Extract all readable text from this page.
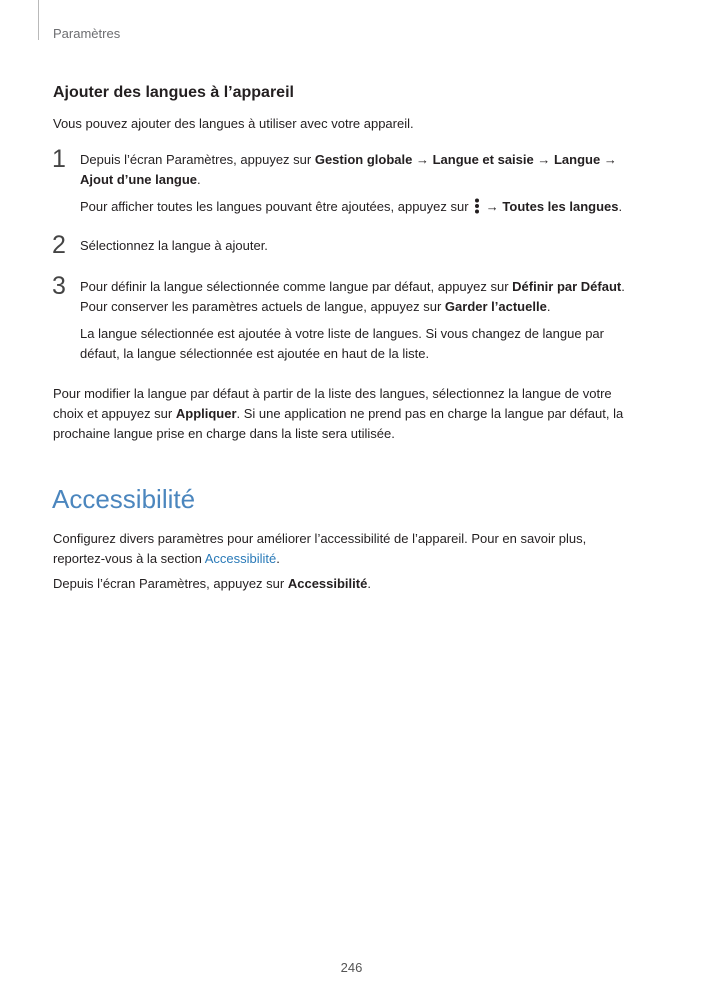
Paramètres
Ajouter des langues à l’appareil
Vous pouvez ajouter des langues à utiliser avec votre appareil.
1 Depuis l’écran Paramètres, appuyez sur Gestion globale → Langue et saisie → Langue →
Ajout d’une langue.
Pour afficher toutes les langues pouvant être ajoutées, appuyez sur  → Toutes les langues.
2 Sélectionnez la langue à ajouter.
3 Pour définir la langue sélectionnée comme langue par défaut, appuyez sur Définir par Défaut.
Pour conserver les paramètres actuels de langue, appuyez sur Garder l’actuelle.
La langue sélectionnée est ajoutée à votre liste de langues. Si vous changez de langue par
défaut, la langue sélectionnée est ajoutée en haut de la liste.
Pour modifier la langue par défaut à partir de la liste des langues, sélectionnez la langue de votre
choix et appuyez sur Appliquer. Si une application ne prend pas en charge la langue par défaut, la
prochaine langue prise en charge dans la liste sera utilisée.
Accessibilité
Configurez divers paramètres pour améliorer l’accessibilité de l’appareil. Pour en savoir plus,
reportez-vous à la section Accessibilité.
Depuis l’écran Paramètres, appuyez sur Accessibilité.
246
